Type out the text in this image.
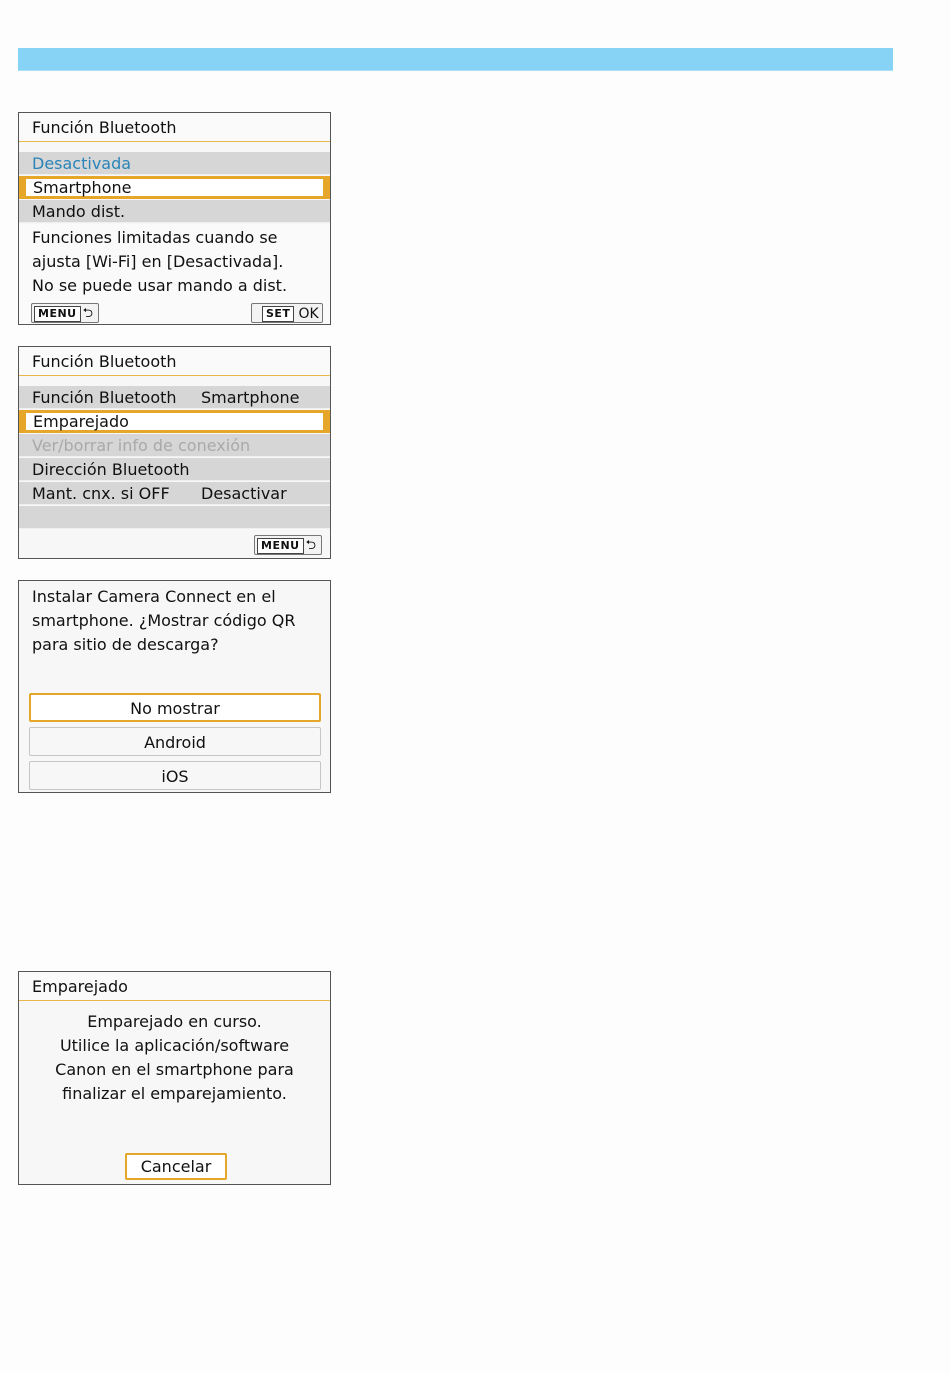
Función Bluetooth
Desactivada
Smartphone
Mando dist.
Funciones limitadas cuando se
ajusta [Wi-Fi] en [Desactivada].
No se puede usar mando a dist.
MENU ⮌	SET OK
Función Bluetooth
Función Bluetooth Smartphone
Emparejado
Ver/borrar info de conexión
Dirección Bluetooth
Mant. cnx. si OFF Desactivar
MENU ⮌
Instalar Camera Connect en el
smartphone. ¿Mostrar código QR
para sitio de descarga?
No mostrar
Android
iOS
Emparejado
Emparejado en curso.
Utilice la aplicación/software
Canon en el smartphone para
finalizar el emparejamiento.
Cancelar
